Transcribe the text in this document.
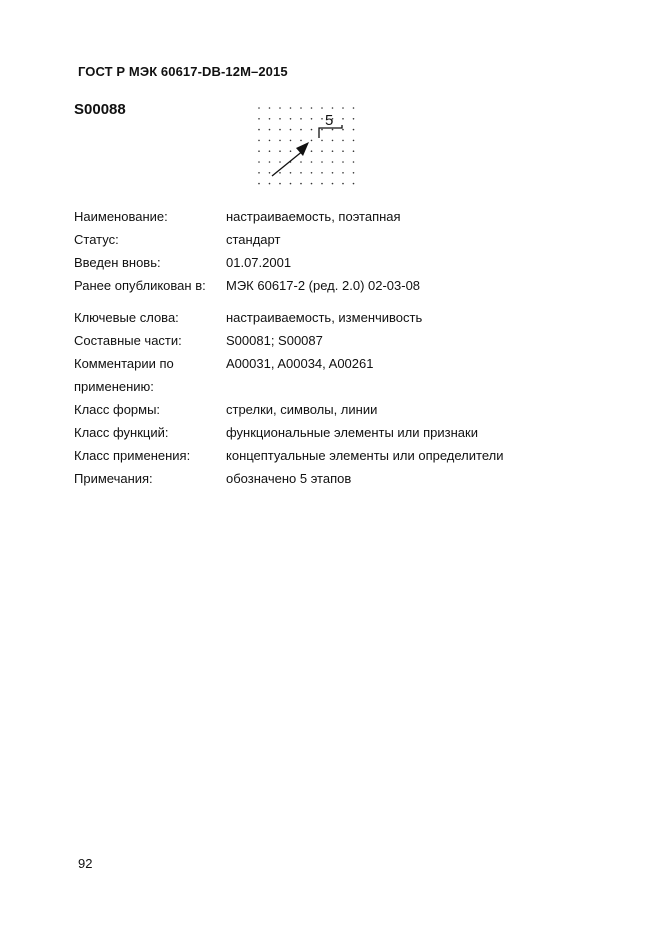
ГОСТ Р МЭК 60617-DB-12M–2015
S00088
5
Наименование:	настраиваемость, поэтапная
Статус:	стандарт
Введен вновь:	01.07.2001
Ранее опубликован в:	МЭК 60617-2 (ред. 2.0) 02-03-08
Ключевые слова:	настраиваемость, изменчивость
Составные части:	S00081; S00087
Комментарии по
применению:
A00031, A00034, A00261
Класс формы:	стрелки, символы, линии
Класс функций:	функциональные элементы или признаки
Класс применения:	концептуальные элементы или определители
Примечания:	обозначено 5 этапов
92
